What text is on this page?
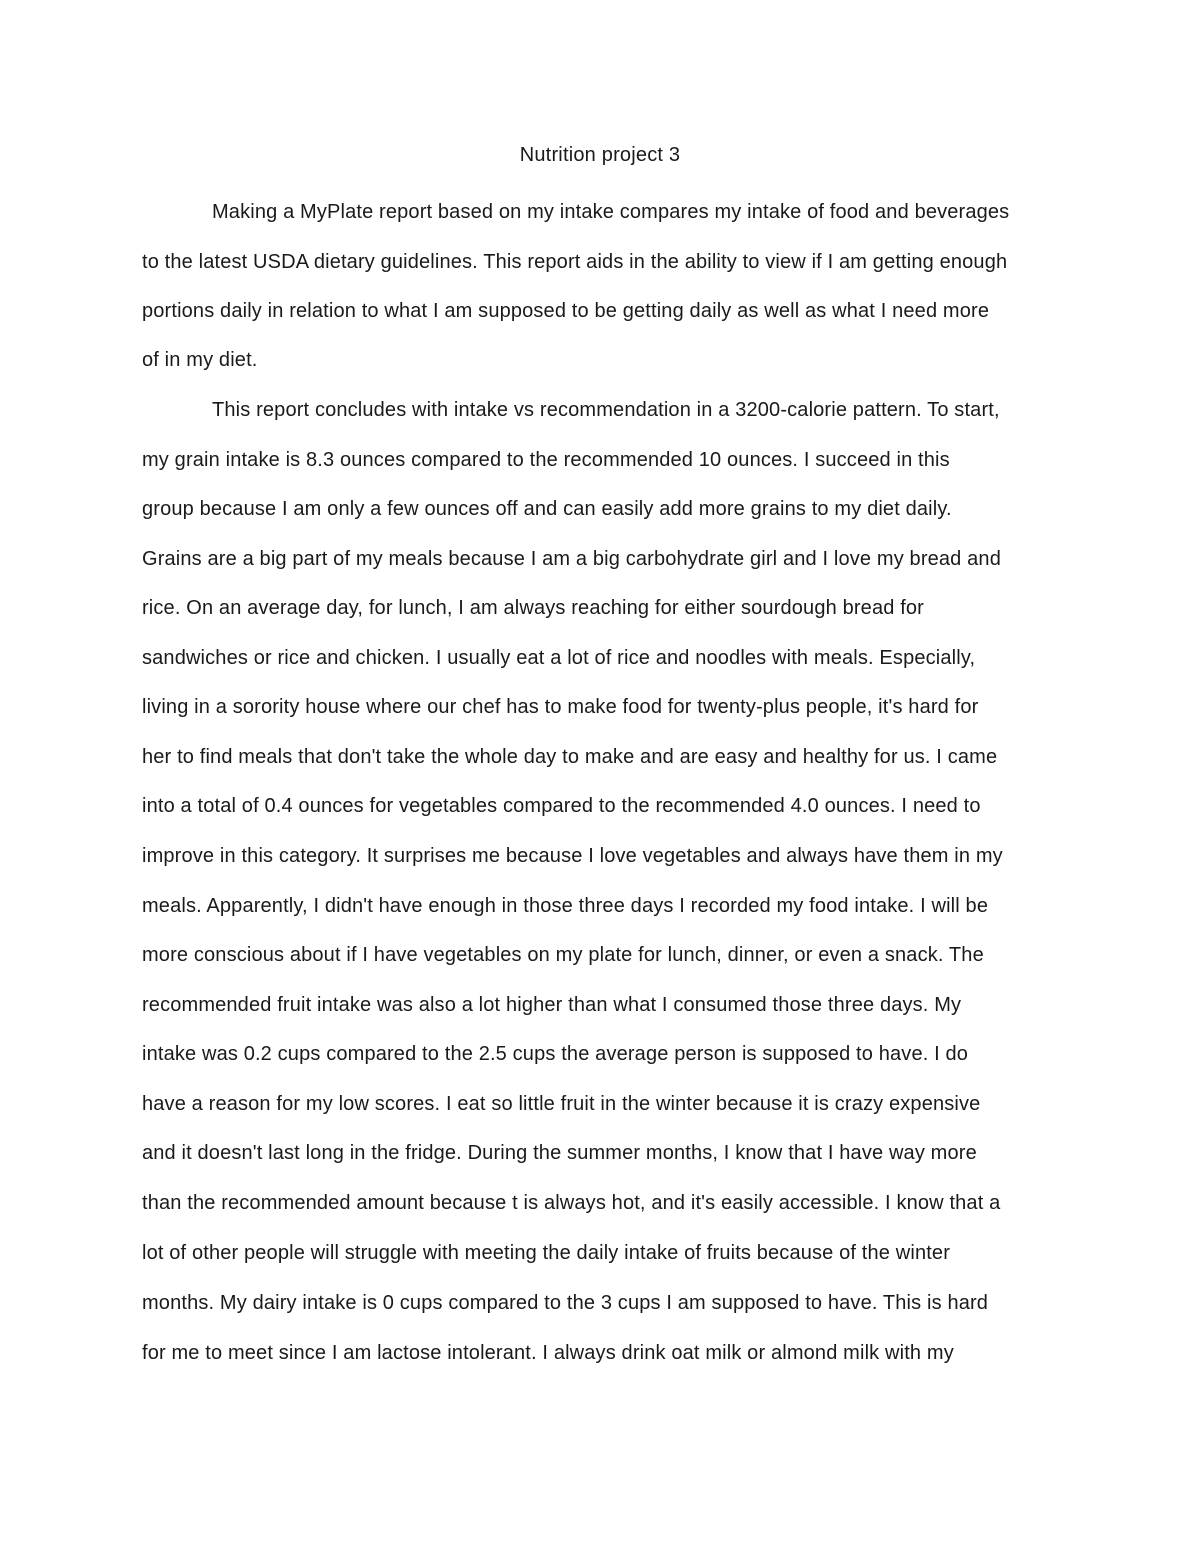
Nutrition project 3
Making a MyPlate report based on my intake compares my intake of food and beverages
to the latest USDA dietary guidelines. This report aids in the ability to view if I am getting enough
portions daily in relation to what I am supposed to be getting daily as well as what I need more
of in my diet.
This report concludes with intake vs recommendation in a 3200-calorie pattern. To start,
my grain intake is 8.3 ounces compared to the recommended 10 ounces. I succeed in this
group because I am only a few ounces off and can easily add more grains to my diet daily.
Grains are a big part of my meals because I am a big carbohydrate girl and I love my bread and
rice. On an average day, for lunch, I am always reaching for either sourdough bread for
sandwiches or rice and chicken. I usually eat a lot of rice and noodles with meals. Especially,
living in a sorority house where our chef has to make food for twenty-plus people, it's hard for
her to find meals that don't take the whole day to make and are easy and healthy for us. I came
into a total of 0.4 ounces for vegetables compared to the recommended 4.0 ounces. I need to
improve in this category. It surprises me because I love vegetables and always have them in my
meals. Apparently, I didn't have enough in those three days I recorded my food intake. I will be
more conscious about if I have vegetables on my plate for lunch, dinner, or even a snack. The
recommended fruit intake was also a lot higher than what I consumed those three days. My
intake was 0.2 cups compared to the 2.5 cups the average person is supposed to have. I do
have a reason for my low scores. I eat so little fruit in the winter because it is crazy expensive
and it doesn't last long in the fridge. During the summer months, I know that I have way more
than the recommended amount because t is always hot, and it's easily accessible. I know that a
lot of other people will struggle with meeting the daily intake of fruits because of the winter
months. My dairy intake is 0 cups compared to the 3 cups I am supposed to have. This is hard
for me to meet since I am lactose intolerant. I always drink oat milk or almond milk with my
